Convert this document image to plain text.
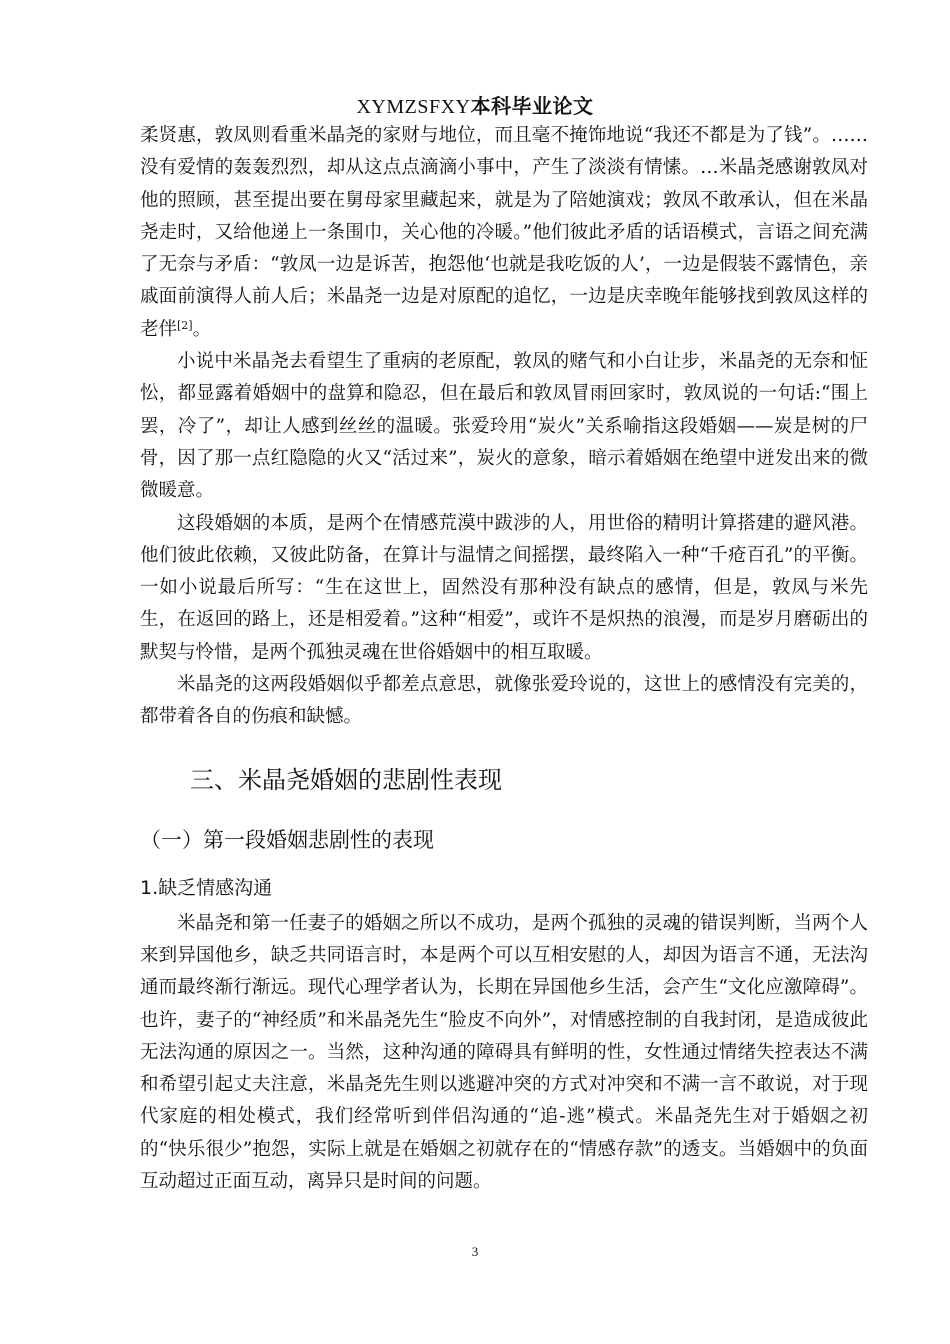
XYMZSFXY本科毕业论文

柔贤惠，敦凤则看重米晶尧的家财与地位，而且毫不掩饰地说“我还不都是为了钱”。……没有爱情的轰轰烈烈，却从这点点滴滴小事中，产生了淡淡有情愫。…米晶尧感谢敦凤对他的照顾，甚至提出要在舅母家里藏起来，就是为了陪她演戏；敦凤不敢承认，但在米晶尧走时，又给他递上一条围巾，关心他的冷暖。”他们彼此矛盾的话语模式，言语之间充满了无奈与矛盾：“敦凤一边是诉苦，抱怨他‘也就是我吃饭的人’，一边是假装不露情色，亲戚面前演得人前人后；米晶尧一边是对原配的追忆，一边是庆幸晚年能够找到敦凤这样的老伴[2]。

小说中米晶尧去看望生了重病的老原配，敦凤的赌气和小白让步，米晶尧的无奈和怔忪，都显露着婚姻中的盘算和隐忍，但在最后和敦凤冒雨回家时，敦凤说的一句话:“围上罢，冷了”，却让人感到丝丝的温暖。张爱玲用“炭火”关系喻指这段婚姻——炭是树的尸骨，因了那一点红隐隐的火又“活过来”，炭火的意象，暗示着婚姻在绝望中迸发出来的微微暖意。

这段婚姻的本质，是两个在情感荒漠中跋涉的人，用世俗的精明计算搭建的避风港。他们彼此依赖，又彼此防备，在算计与温情之间摇摆，最终陷入一种“千疮百孔”的平衡。一如小说最后所写：“生在这世上，固然没有那种没有缺点的感情，但是，敦凤与米先生，在返回的路上，还是相爱着。”这种“相爱”，或许不是炽热的浪漫，而是岁月磨砺出的默契与怜惜，是两个孤独灵魂在世俗婚姻中的相互取暖。

米晶尧的这两段婚姻似乎都差点意思，就像张爱玲说的，这世上的感情没有完美的，都带着各自的伤痕和缺憾。

三、米晶尧婚姻的悲剧性表现
（一）第一段婚姻悲剧性的表现
1.缺乏情感沟通

米晶尧和第一任妻子的婚姻之所以不成功，是两个孤独的灵魂的错误判断，当两个人来到异国他乡，缺乏共同语言时，本是两个可以互相安慰的人，却因为语言不通，无法沟通而最终渐行渐远。现代心理学者认为，长期在异国他乡生活，会产生“文化应激障碍”。也许，妻子的“神经质”和米晶尧先生“脸皮不向外”，对情感控制的自我封闭，是造成彼此无法沟通的原因之一。当然，这种沟通的障碍具有鲜明的性，女性通过情绪失控表达不满和希望引起丈夫注意，米晶尧先生则以逃避冲突的方式对冲突和不满一言不敢说，对于现代家庭的相处模式，我们经常听到伴侣沟通的“追-逃”模式。米晶尧先生对于婚姻之初的“快乐很少”抱怨，实际上就是在婚姻之初就存在的“情感存款”的透支。当婚姻中的负面互动超过正面互动，离异只是时间的问题。

3
